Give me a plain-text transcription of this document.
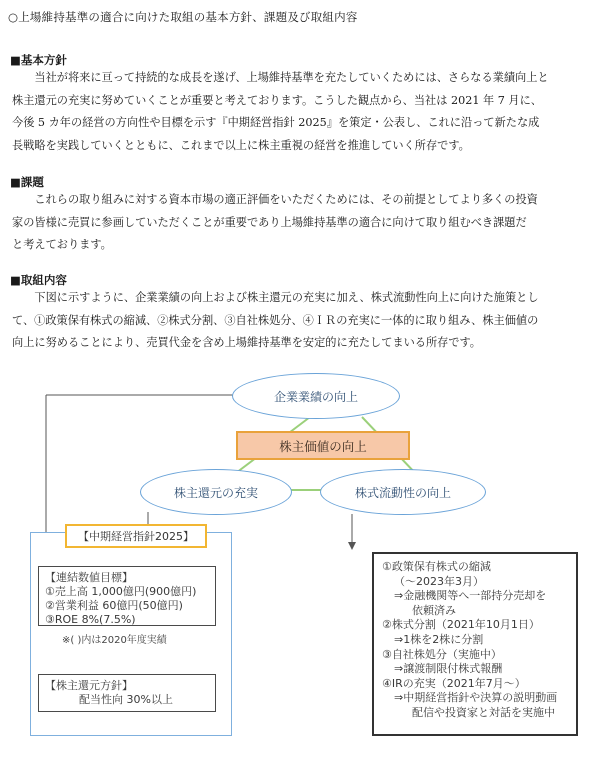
○上場維持基準の適合に向けた取組の基本方針、課題及び取組内容
■基本方針

当社が将来に亘って持続的な成長を遂げ、上場維持基準を充たしていくためには、さらなる業績向上と

株主還元の充実に努めていくことが重要と考えております。こうした観点から、当社は 2021 年 7 月に、

今後 5 カ年の経営の方向性や目標を示す『中期経営指針 2025』を策定・公表し、これに沿って新たな成

長戦略を実践していくとともに、これまで以上に株主重視の経営を推進していく所存です。

■課題

これらの取り組みに対する資本市場の適正評価をいただくためには、その前提としてより多くの投資

家の皆様に売買に参画していただくことが重要であり上場維持基準の適合に向けて取り組むべき課題だ

と考えております。

■取組内容

下図に示すように、企業業績の向上および株主還元の充実に加え、株式流動性向上に向けた施策とし

て、①政策保有株式の縮減、②株式分割、③自社株処分、④ＩＲの充実に一体的に取り組み、株主価値の

向上に努めることにより、売買代金を含め上場維持基準を安定的に充たしてまいる所存です。

企業業績の向上
株主価値の向上
株主還元の充実	株式流動性の向上
【中期経営指針2025】
【連結数値目標】
①売上高 1,000億円(900億円)
②営業利益 60億円(50億円)
③ROE 8%(7.5%)
※( )内は2020年度実績
【株主還元方針】
配当性向 30%以上
①政策保有株式の縮減
（～2023年3月）
⇒金融機関等へ一部持分売却を
依頼済み
②株式分割（2021年10月1日）
⇒1株を2株に分割
③自社株処分（実施中）
⇒譲渡制限付株式報酬
④IRの充実（2021年7月～）
⇒中期経営指針や決算の説明動画
配信や投資家と対話を実施中
